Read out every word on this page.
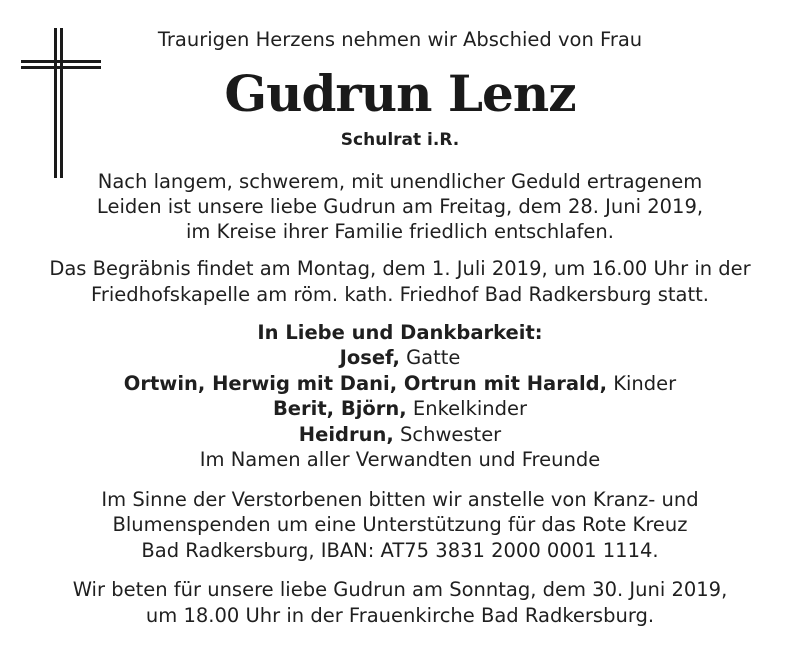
Traurigen Herzens nehmen wir Abschied von Frau
Gudrun Lenz
Schulrat i.R.
Nach langem, schwerem, mit unendlicher Geduld ertragenem
Leiden ist unsere liebe Gudrun am Freitag, dem 28. Juni 2019,
im Kreise ihrer Familie friedlich entschlafen.
Das Begräbnis findet am Montag, dem 1. Juli 2019, um 16.00 Uhr in der
Friedhofskapelle am röm. kath. Friedhof Bad Radkersburg statt.
In Liebe und Dankbarkeit:
Josef, Gatte
Ortwin, Herwig mit Dani, Ortrun mit Harald, Kinder
Berit, Björn, Enkelkinder
Heidrun, Schwester
Im Namen aller Verwandten und Freunde
Im Sinne der Verstorbenen bitten wir anstelle von Kranz- und
Blumenspenden um eine Unterstützung für das Rote Kreuz
Bad Radkersburg, IBAN: AT75 3831 2000 0001 1114.
Wir beten für unsere liebe Gudrun am Sonntag, dem 30. Juni 2019,
um 18.00 Uhr in der Frauenkirche Bad Radkersburg.
